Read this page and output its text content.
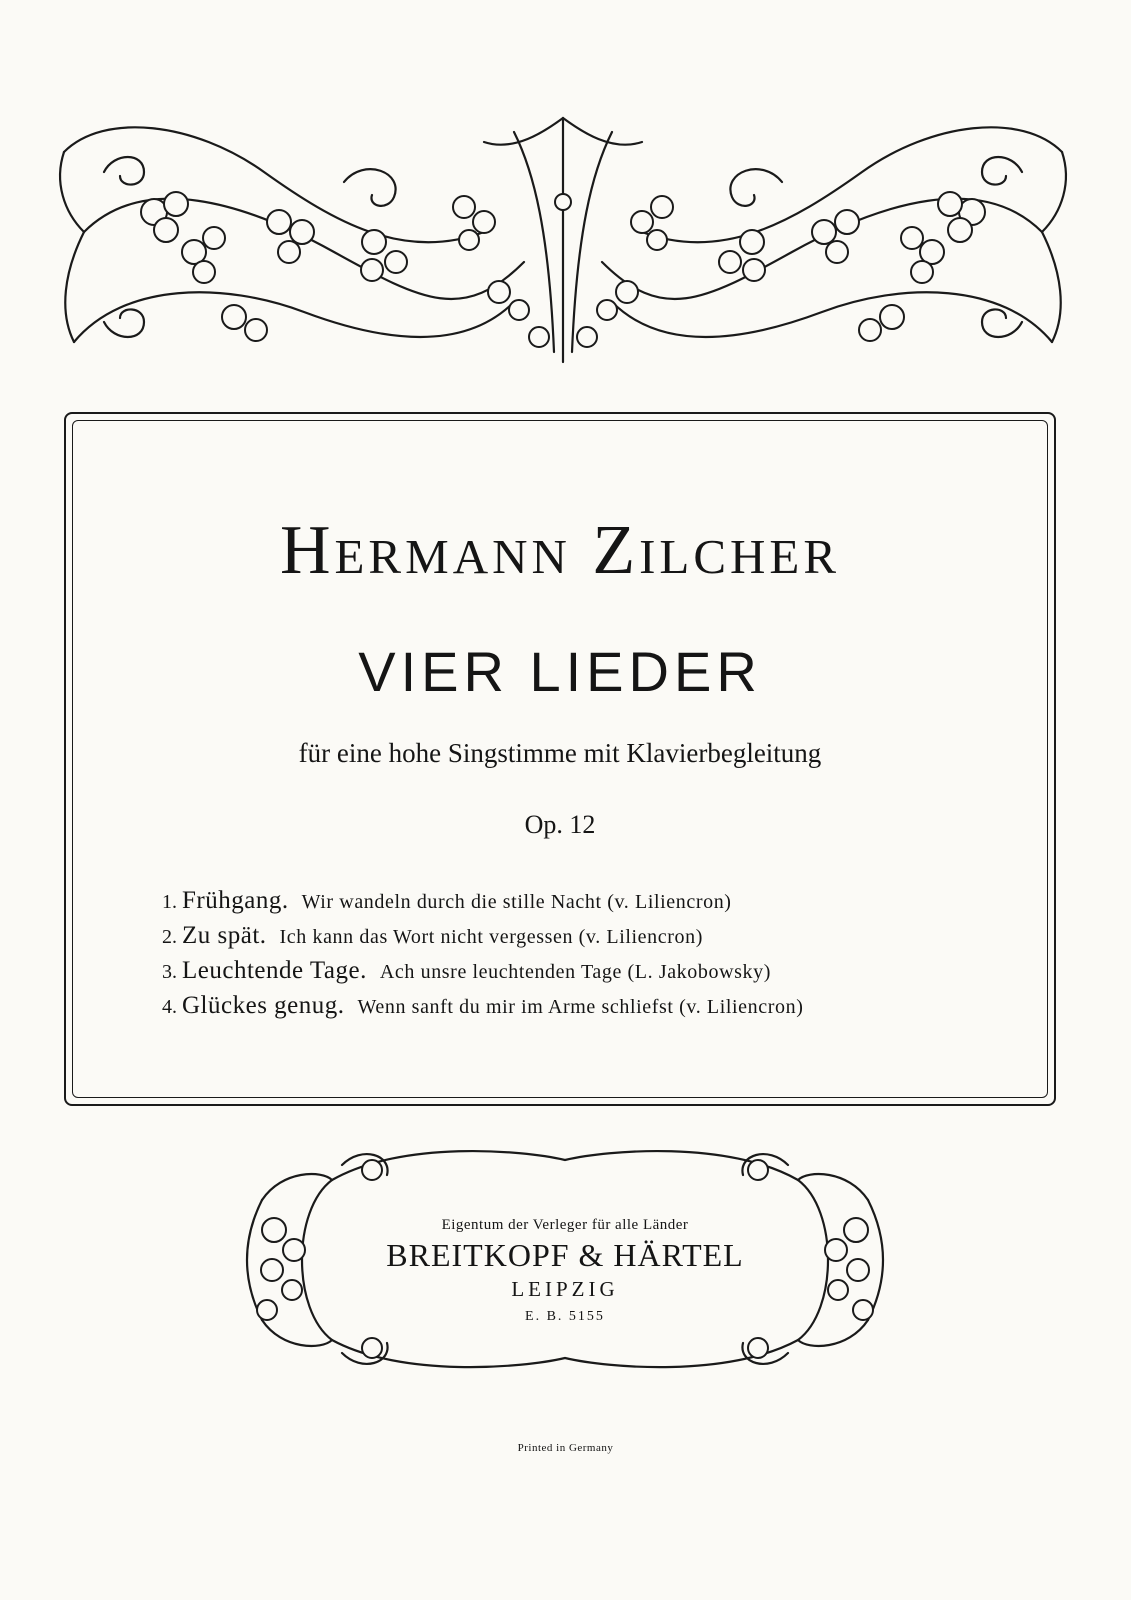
Hermann Zilcher
VIER LIEDER
für eine hohe Singstimme mit Klavierbegleitung
Op. 12
1. Frühgang. Wir wandeln durch die stille Nacht (v. Liliencron)
2. Zu spät. Ich kann das Wort nicht vergessen (v. Liliencron)
3. Leuchtende Tage. Ach unsre leuchtenden Tage (L. Jakobowsky)
4. Glückes genug. Wenn sanft du mir im Arme schliefst (v. Liliencron)
Eigentum der Verleger für alle Länder
BREITKOPF & HÄRTEL
LEIPZIG
E. B. 5155
Printed in Germany
